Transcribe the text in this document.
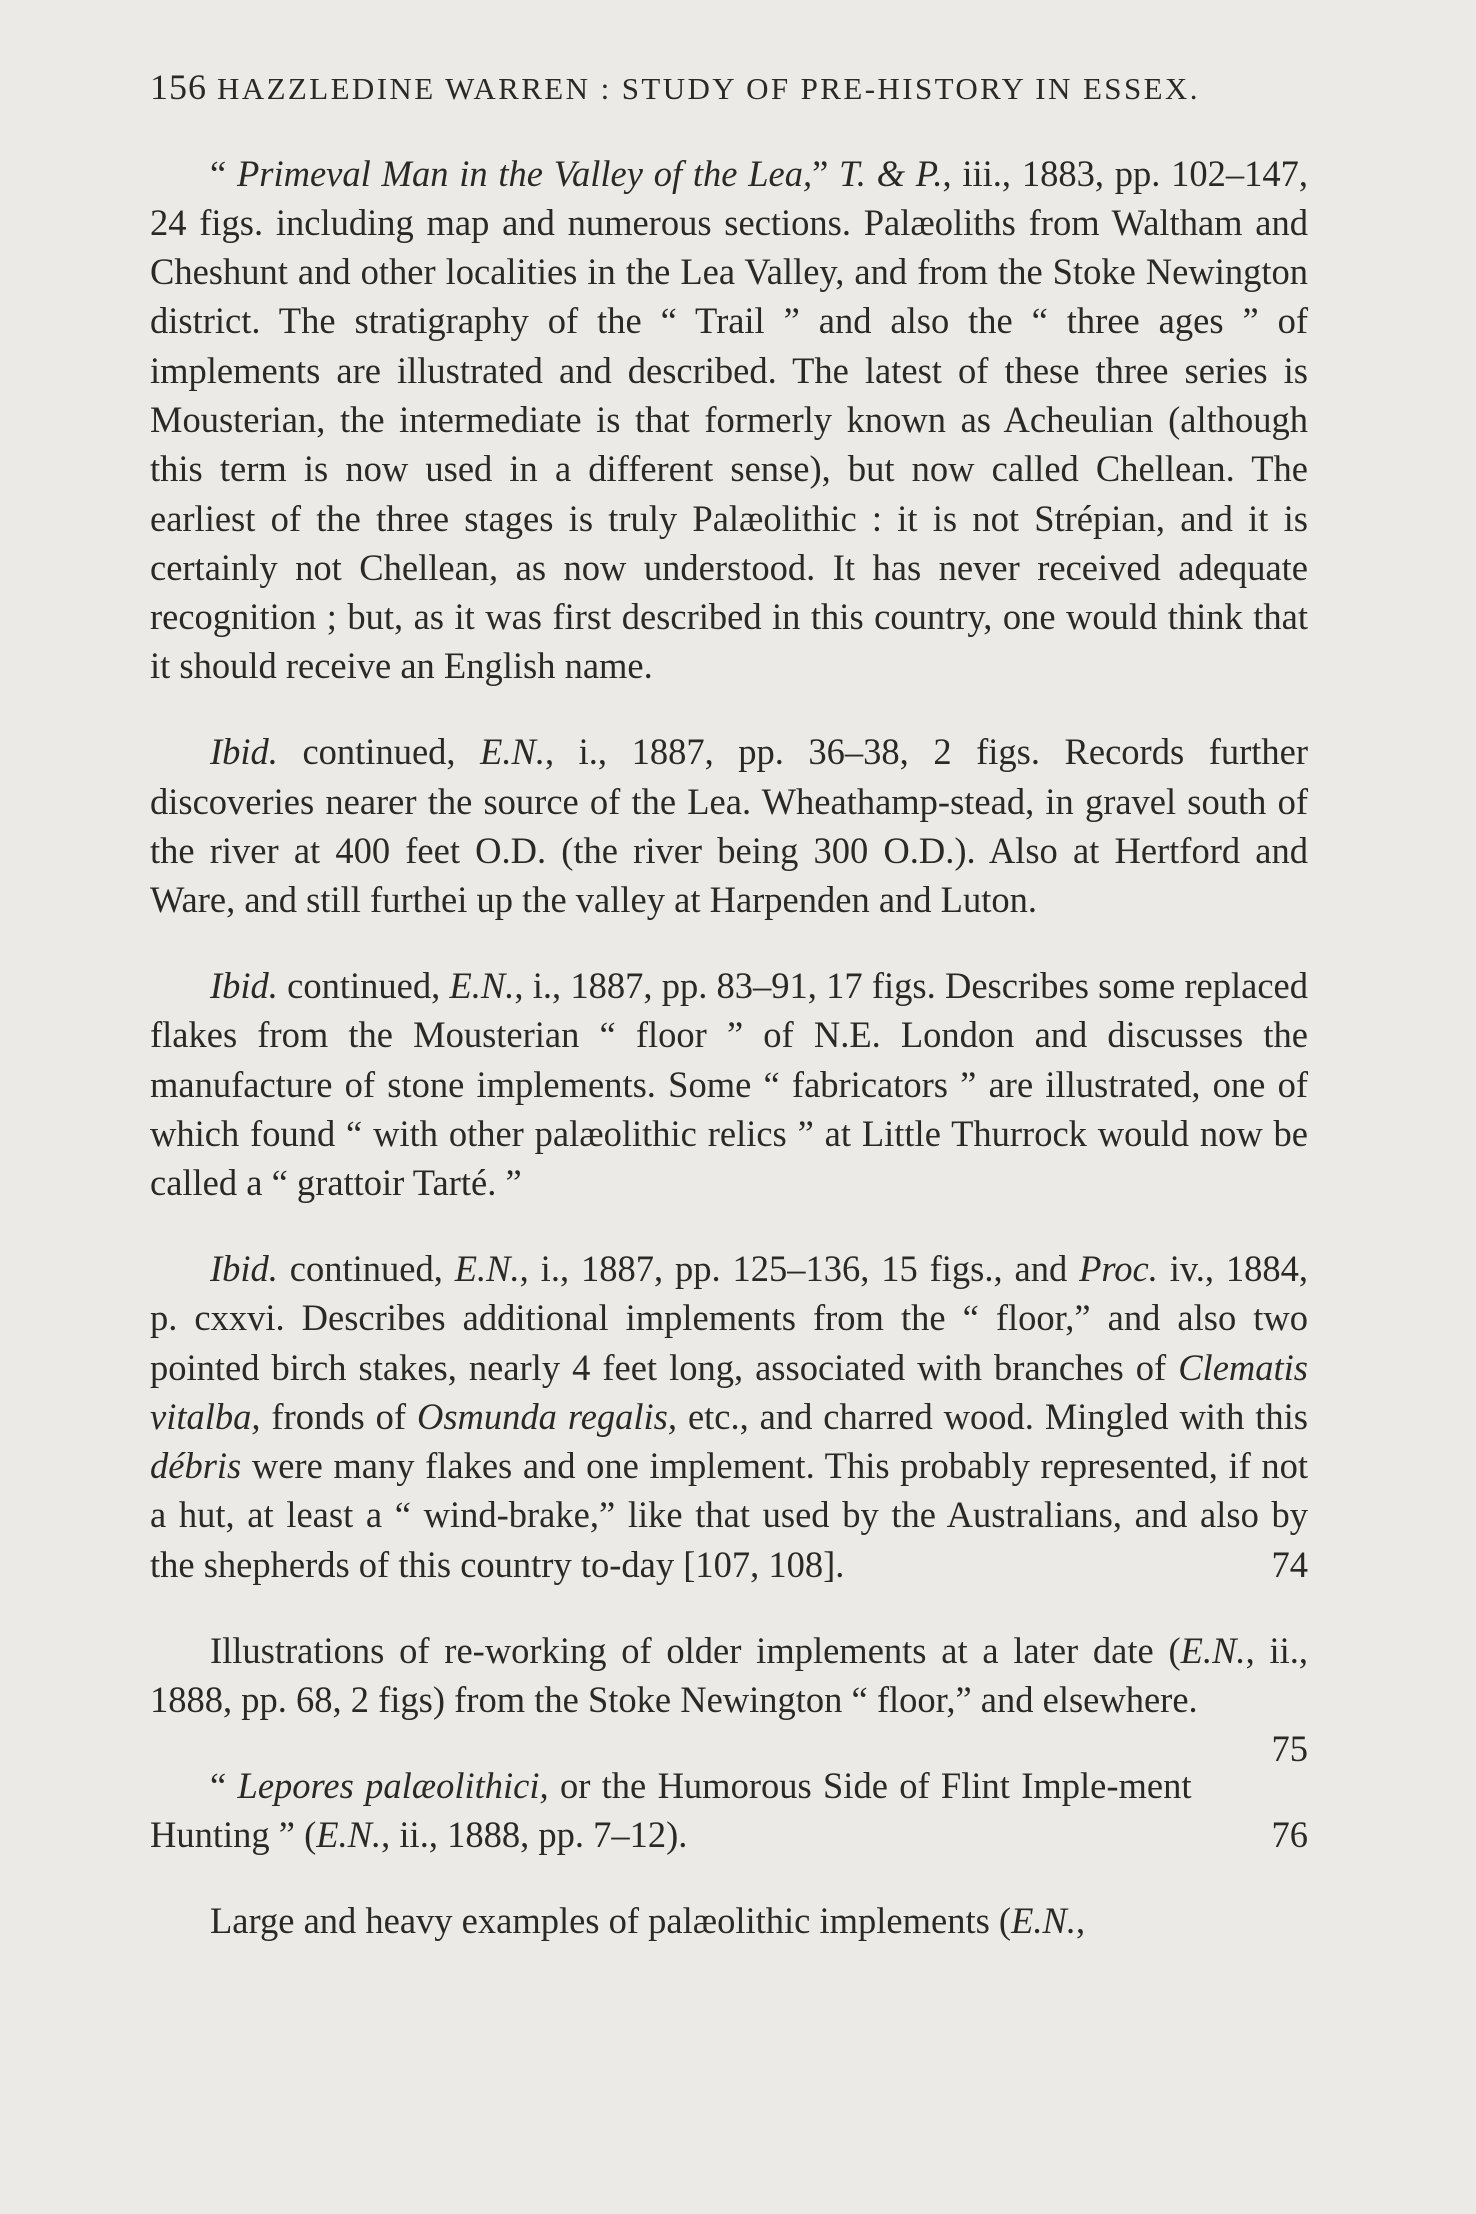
156 HAZZLEDINE WARREN : STUDY OF PRE-HISTORY IN ESSEX.

“ Primeval Man in the Valley of the Lea,” T. & P., iii., 1883, pp. 102–147, 24 figs. including map and numerous sections. Palæoliths from Waltham and Cheshunt and other localities in the Lea Valley, and from the Stoke Newington district. The stratigraphy of the “ Trail ” and also the “ three ages ” of implements are illustrated and described. The latest of these three series is Mousterian, the intermediate is that formerly known as Acheulian (although this term is now used in a different sense), but now called Chellean. The earliest of the three stages is truly Palæolithic : it is not Strépian, and it is certainly not Chellean, as now understood. It has never received adequate recognition ; but, as it was first described in this country, one would think that it should receive an English name.

Ibid. continued, E.N., i., 1887, pp. 36–38, 2 figs. Records further discoveries nearer the source of the Lea. Wheathamp-stead, in gravel south of the river at 400 feet O.D. (the river being 300 O.D.). Also at Hertford and Ware, and still furthei up the valley at Harpenden and Luton.

Ibid. continued, E.N., i., 1887, pp. 83–91, 17 figs. Describes some replaced flakes from the Mousterian “ floor ” of N.E. London and discusses the manufacture of stone implements. Some “ fabricators ” are illustrated, one of which found “ with other palæolithic relics ” at Little Thurrock would now be called a “ grattoir Tarté. ”

Ibid. continued, E.N., i., 1887, pp. 125–136, 15 figs., and Proc. iv., 1884, p. cxxvi. Describes additional implements from the “ floor,” and also two pointed birch stakes, nearly 4 feet long, associated with branches of Clematis vitalba, fronds of Osmunda regalis, etc., and charred wood. Mingled with this débris were many flakes and one implement. This probably represented, if not a hut, at least a “ wind-brake,” like that used by the Australians, and also by the shepherds of this country to-day [107, 108].	74

Illustrations of re-working of older implements at a later date (E.N., ii., 1888, pp. 68, 2 figs) from the Stoke Newington “ floor,” and elsewhere.
75

“ Lepores palæolithici, or the Humorous Side of Flint Imple-ment Hunting ” (E.N., ii., 1888, pp. 7–12).	76

Large and heavy examples of palæolithic implements (E.N.,
